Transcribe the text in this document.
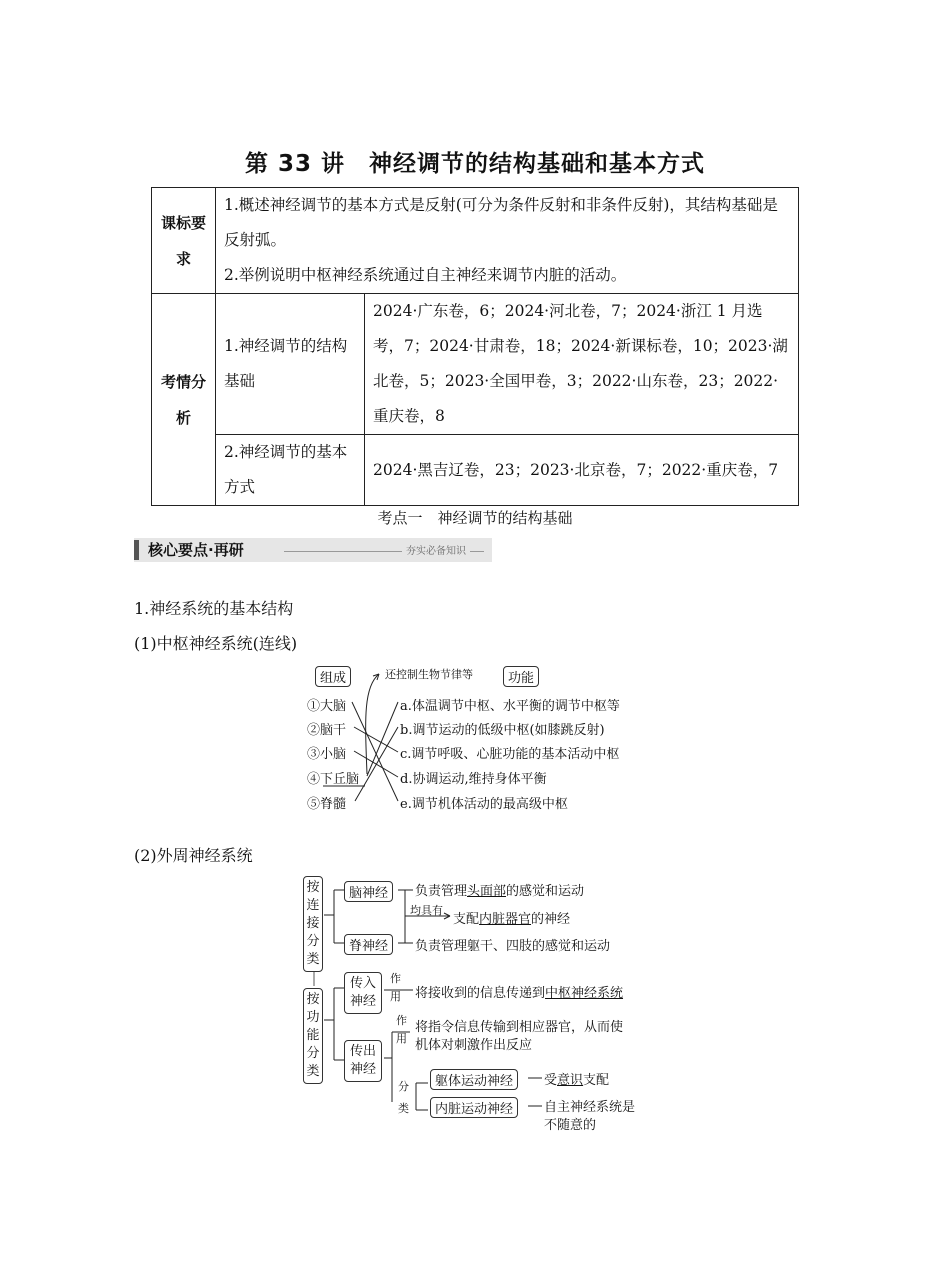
第 33 讲　神经调节的结构基础和基本方式
课标要求	1.概述神经调节的基本方式是反射(可分为条件反射和非条件反射)，其结构基础是反射弧。
2.举例说明中枢神经系统通过自主神经来调节内脏的活动。	

考情分析	1.神经调节的结构基础	2024·广东卷，6；2024·河北卷，7；2024·浙江 1 月选考，7；2024·甘肃卷，18；2024·新课标卷，10；2023·湖北卷，5；2023·全国甲卷，3；2022·山东卷，23；2022·重庆卷，8
	2.神经调节的基本方式	2024·黑吉辽卷，23；2023·北京卷，7；2022·重庆卷，7
考点一　神经调节的结构基础
核心要点·再研	夯实必备知识
1.神经系统的基本结构
(1)中枢神经系统(连线)
组成	还控制生物节律等	功能
①大脑
②脑干
③小脑
④下丘脑
⑤脊髓
a.体温调节中枢、水平衡的调节中枢等
b.调节运动的低级中枢(如膝跳反射)
c.调节呼吸、心脏功能的基本活动中枢
d.协调运动,维持身体平衡
e.调节机体活动的最高级中枢
(2)外周神经系统
按连接分类
按功能分类
脑神经
脊神经
负责管理头面部的感觉和运动
均具有
支配内脏器官的神经
负责管理躯干、四肢的感觉和运动
传入神经
作用 将接收到的信息传递到中枢神经系统
传出神经
作用
将指令信息传输到相应器官，从而使
机体对刺激作出反应
分类
躯体运动神经	受意识支配
内脏运动神经	自主神经系统是
不随意的
